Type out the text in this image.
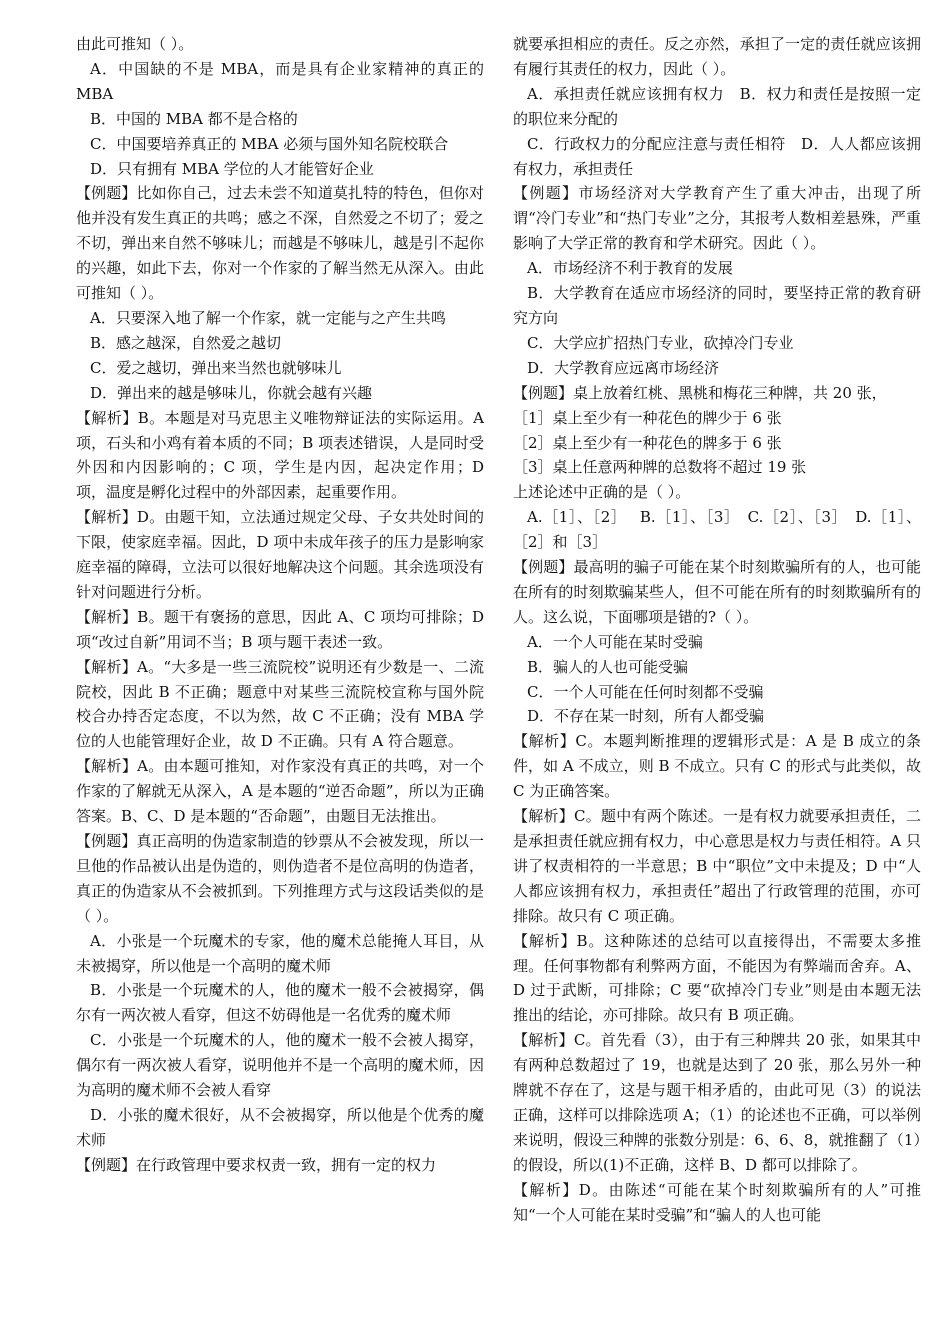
由此可推知（ ）。

A．中国缺的不是 MBA，而是具有企业家精神的真正的 MBA

B．中国的 MBA 都不是合格的

C．中国要培养真正的 MBA 必须与国外知名院校联合

D．只有拥有 MBA 学位的人才能管好企业

【例题】比如你自己，过去未尝不知道莫扎特的特色，但你对他并没有发生真正的共鸣；感之不深，自然爱之不切了；爱之不切，弹出来自然不够味儿；而越是不够味儿，越是引不起你的兴趣，如此下去，你对一个作家的了解当然无从深入。由此可推知（ ）。

A．只要深入地了解一个作家，就一定能与之产生共鸣

B．感之越深，自然爱之越切

C．爱之越切，弹出来当然也就够味儿

D．弹出来的越是够味儿，你就会越有兴趣

【解析】B。本题是对马克思主义唯物辩证法的实际运用。A 项，石头和小鸡有着本质的不同；B 项表述错误，人是同时受外因和内因影响的；C 项，学生是内因，起决定作用；D 项，温度是孵化过程中的外部因素，起重要作用。

【解析】D。由题干知，立法通过规定父母、子女共处时间的下限，使家庭幸福。因此，D 项中未成年孩子的压力是影响家庭幸福的障碍，立法可以很好地解决这个问题。其余选项没有针对问题进行分析。

【解析】B。题干有褒扬的意思，因此 A、C 项均可排除；D 项“改过自新”用词不当；B 项与题干表述一致。

【解析】A。“大多是一些三流院校”说明还有少数是一、二流院校，因此 B 不正确；题意中对某些三流院校宣称与国外院校合办持否定态度，不以为然，故 C 不正确；没有 MBA 学位的人也能管理好企业，故 D 不正确。只有 A 符合题意。

【解析】A。由本题可推知，对作家没有真正的共鸣，对一个作家的了解就无从深入，A 是本题的“逆否命题”，所以为正确答案。B、C、D 是本题的“否命题”，由题目无法推出。

【例题】真正高明的伪造家制造的钞票从不会被发现，所以一旦他的作品被认出是伪造的，则伪造者不是位高明的伪造者，真正的伪造家从不会被抓到。下列推理方式与这段话类似的是（ ）。

A．小张是一个玩魔术的专家，他的魔术总能掩人耳目，从未被揭穿，所以他是一个高明的魔术师

B．小张是一个玩魔术的人，他的魔术一般不会被揭穿，偶尔有一两次被人看穿，但这不妨碍他是一名优秀的魔术师

C．小张是一个玩魔术的人，他的魔术一般不会被人揭穿，偶尔有一两次被人看穿，说明他并不是一个高明的魔术师，因为高明的魔术师不会被人看穿

D．小张的魔术很好，从不会被揭穿，所以他是个优秀的魔术师

【例题】在行政管理中要求权责一致，拥有一定的权力

就要承担相应的责任。反之亦然，承担了一定的责任就应该拥有履行其责任的权力，因此（ ）。

A．承担责任就应该拥有权力　B．权力和责任是按照一定的职位来分配的

C．行政权力的分配应注意与责任相符　D．人人都应该拥有权力，承担责任

【例题】市场经济对大学教育产生了重大冲击，出现了所谓“冷门专业”和“热门专业”之分，其报考人数相差悬殊，严重影响了大学正常的教育和学术研究。因此（ ）。

A．市场经济不利于教育的发展

B．大学教育在适应市场经济的同时，要坚持正常的教育研究方向

C．大学应扩招热门专业，砍掉冷门专业

D．大学教育应远离市场经济

【例题】桌上放着红桃、黑桃和梅花三种牌，共 20 张，

［1］桌上至少有一种花色的牌少于 6 张

［2］桌上至少有一种花色的牌多于 6 张

［3］桌上任意两种牌的总数将不超过 19 张

上述论述中正确的是（ ）。

A.［1］、［2］　 B.［1］、［3］　C.［2］、［3］　D.［1］、［2］和［3］

【例题】最高明的骗子可能在某个时刻欺骗所有的人，也可能在所有的时刻欺骗某些人，但不可能在所有的时刻欺骗所有的人。这么说，下面哪项是错的?（ ）。

A．一个人可能在某时受骗

B．骗人的人也可能受骗

C．一个人可能在任何时刻都不受骗

D．不存在某一时刻，所有人都受骗

【解析】C。本题判断推理的逻辑形式是：A 是 B 成立的条件，如 A 不成立，则 B 不成立。只有 C 的形式与此类似，故 C 为正确答案。

【解析】C。题中有两个陈述。一是有权力就要承担责任，二是承担责任就应拥有权力，中心意思是权力与责任相符。A 只讲了权责相符的一半意思；B 中“职位”文中未提及；D 中“人人都应该拥有权力，承担责任”超出了行政管理的范围，亦可排除。故只有 C 项正确。

【解析】B。这种陈述的总结可以直接得出，不需要太多推理。任何事物都有利弊两方面，不能因为有弊端而舍弃。A、D 过于武断，可排除；C 要“砍掉冷门专业”则是由本题无法推出的结论，亦可排除。故只有 B 项正确。

【解析】C。首先看（3），由于有三种牌共 20 张，如果其中有两种总数超过了 19，也就是达到了 20 张，那么另外一种牌就不存在了，这是与题干相矛盾的，由此可见（3）的说法正确，这样可以排除选项 A；（1）的论述也不正确，可以举例来说明，假设三种牌的张数分别是：6、6、8，就推翻了（1）的假设，所以(1)不正确，这样 B、D 都可以排除了。

【解析】D。由陈述“可能在某个时刻欺骗所有的人”可推知“一个人可能在某时受骗”和“骗人的人也可能
